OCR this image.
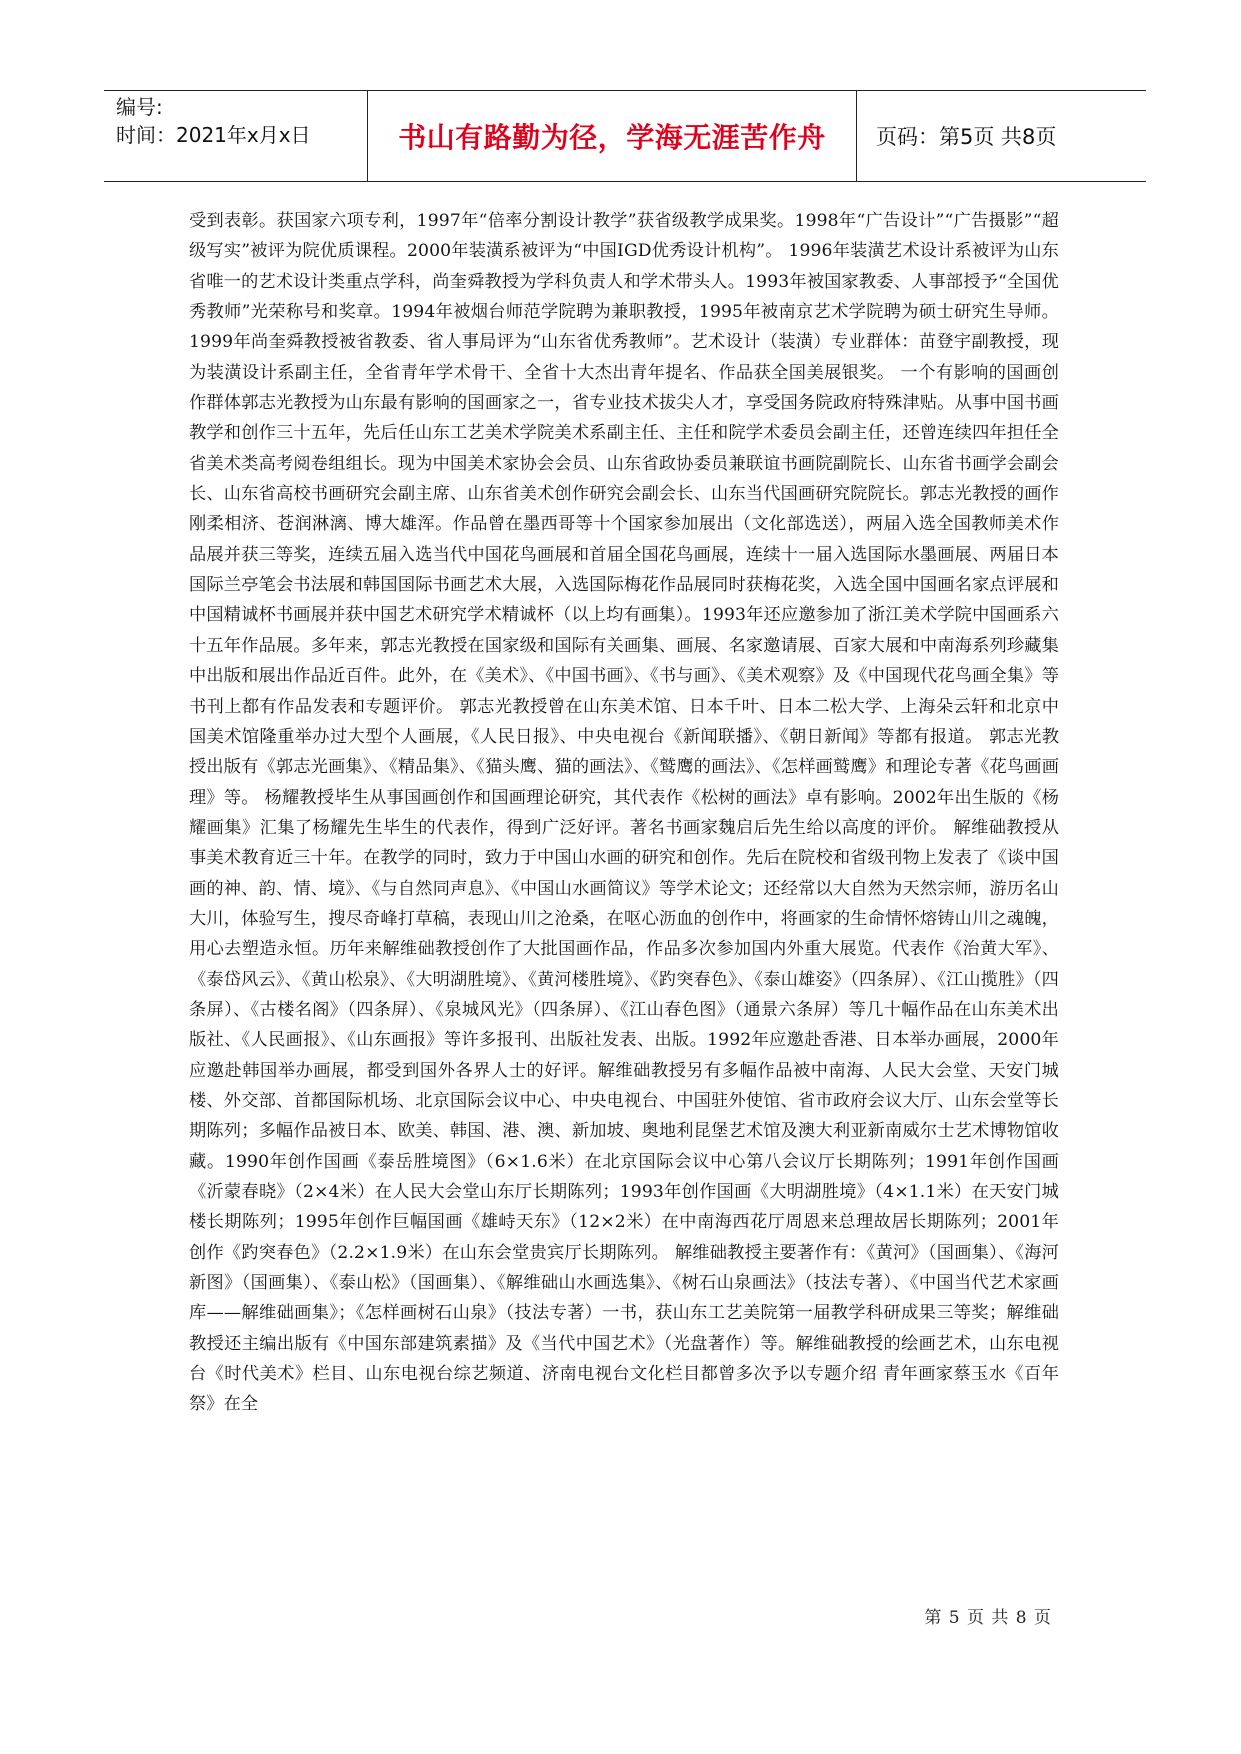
编号:
时间：2021年x月x日	书山有路勤为径，学海无涯苦作舟	页码：第5页 共8页

受到表彰。获国家六项专利，1997年“倍率分割设计教学”获省级教学成果奖。1998年“广告设计”“广告摄影”“超级写实”被评为院优质课程。2000年装潢系被评为“中国IGD优秀设计机构”。 1996年装潢艺术设计系被评为山东省唯一的艺术设计类重点学科，尚奎舜教授为学科负责人和学术带头人。1993年被国家教委、人事部授予“全国优秀教师”光荣称号和奖章。1994年被烟台师范学院聘为兼职教授，1995年被南京艺术学院聘为硕士研究生导师。1999年尚奎舜教授被省教委、省人事局评为“山东省优秀教师”。艺术设计（装潢）专业群体：苗登宇副教授，现为装潢设计系副主任，全省青年学术骨干、全省十大杰出青年提名、作品获全国美展银奖。 一个有影响的国画创作群体郭志光教授为山东最有影响的国画家之一，省专业技术拔尖人才，享受国务院政府特殊津贴。从事中国书画教学和创作三十五年，先后任山东工艺美术学院美术系副主任、主任和院学术委员会副主任，还曾连续四年担任全省美术类高考阅卷组组长。现为中国美术家协会会员、山东省政协委员兼联谊书画院副院长、山东省书画学会副会长、山东省高校书画研究会副主席、山东省美术创作研究会副会长、山东当代国画研究院院长。郭志光教授的画作刚柔相济、苍润淋漓、博大雄浑。作品曾在墨西哥等十个国家参加展出（文化部选送），两届入选全国教师美术作品展并获三等奖，连续五届入选当代中国花鸟画展和首届全国花鸟画展，连续十一届入选国际水墨画展、两届日本国际兰亭笔会书法展和韩国国际书画艺术大展，入选国际梅花作品展同时获梅花奖，入选全国中国画名家点评展和中国精诚杯书画展并获中国艺术研究学术精诚杯（以上均有画集）。1993年还应邀参加了浙江美术学院中国画系六十五年作品展。多年来，郭志光教授在国家级和国际有关画集、画展、名家邀请展、百家大展和中南海系列珍藏集中出版和展出作品近百件。此外，在《美术》、《中国书画》、《书与画》、《美术观察》及《中国现代花鸟画全集》等书刊上都有作品发表和专题评价。 郭志光教授曾在山东美术馆、日本千叶、日本二松大学、上海朵云轩和北京中国美术馆隆重举办过大型个人画展，《人民日报》、中央电视台《新闻联播》、《朝日新闻》等都有报道。 郭志光教授出版有《郭志光画集》、《精品集》、《猫头鹰、猫的画法》、《鹫鹰的画法》、《怎样画鹫鹰》和理论专著《花鸟画画理》等。 杨耀教授毕生从事国画创作和国画理论研究，其代表作《松树的画法》卓有影响。2002年出生版的《杨耀画集》汇集了杨耀先生毕生的代表作，得到广泛好评。著名书画家魏启后先生给以高度的评价。 解维础教授从事美术教育近三十年。在教学的同时，致力于中国山水画的研究和创作。先后在院校和省级刊物上发表了《谈中国画的神、韵、情、境》、《与自然同声息》、《中国山水画简议》等学术论文；还经常以大自然为天然宗师，游历名山大川，体验写生，搜尽奇峰打草稿，表现山川之沧桑，在呕心沥血的创作中，将画家的生命情怀熔铸山川之魂魄，用心去塑造永恒。历年来解维础教授创作了大批国画作品，作品多次参加国内外重大展览。代表作《治黄大军》、《泰岱风云》、《黄山松泉》、《大明湖胜境》、《黄河楼胜境》、《趵突春色》、《泰山雄姿》（四条屏）、《江山揽胜》（四条屏）、《古楼名阁》（四条屏）、《泉城风光》（四条屏）、《江山春色图》（通景六条屏）等几十幅作品在山东美术出版社、《人民画报》、《山东画报》等许多报刊、出版社发表、出版。1992年应邀赴香港、日本举办画展，2000年应邀赴韩国举办画展，都受到国外各界人士的好评。解维础教授另有多幅作品被中南海、人民大会堂、天安门城楼、外交部、首都国际机场、北京国际会议中心、中央电视台、中国驻外使馆、省市政府会议大厅、山东会堂等长期陈列；多幅作品被日本、欧美、韩国、港、澳、新加坡、奥地利昆堡艺术馆及澳大利亚新南威尔士艺术博物馆收藏。1990年创作国画《泰岳胜境图》（6×1.6米）在北京国际会议中心第八会议厅长期陈列；1991年创作国画《沂蒙春晓》（2×4米）在人民大会堂山东厅长期陈列；1993年创作国画《大明湖胜境》（4×1.1米）在天安门城楼长期陈列；1995年创作巨幅国画《雄峙天东》（12×2米）在中南海西花厅周恩来总理故居长期陈列；2001年创作《趵突春色》（2.2×1.9米）在山东会堂贵宾厅长期陈列。 解维础教授主要著作有：《黄河》（国画集）、《海河新图》（国画集）、《泰山松》（国画集）、《解维础山水画选集》、《树石山泉画法》（技法专著）、《中国当代艺术家画库——解维础画集》；《怎样画树石山泉》（技法专著）一书，获山东工艺美院第一届教学科研成果三等奖；解维础教授还主编出版有《中国东部建筑素描》及《当代中国艺术》（光盘著作）等。解维础教授的绘画艺术，山东电视台《时代美术》栏目、山东电视台综艺频道、济南电视台文化栏目都曾多次予以专题介绍 青年画家蔡玉水《百年祭》在全

第 5 页 共 8 页
